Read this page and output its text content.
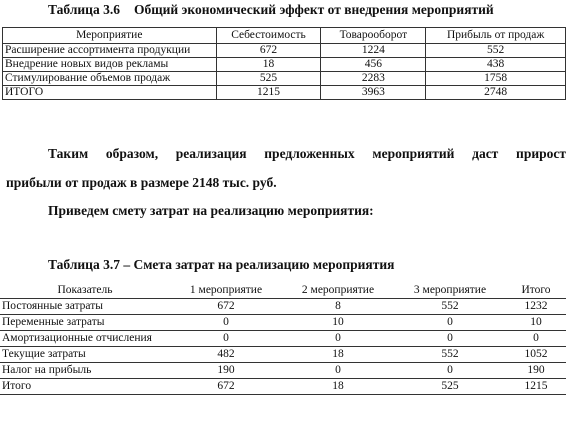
Таблица 3.6 Общий экономический эффект от внедрения мероприятий
Мероприятие	Себестоимость	Товарооборот	Прибыль от продаж
Расширение ассортимента продукции	672	1224	552
Внедрение новых видов рекламы	18	456	438
Стимулирование объемов продаж	525	2283	1758
ИТОГО	1215	3963	2748
Таким образом, реализация предложенных мероприятий даст прирост
прибыли от продаж в размере 2148 тыс. руб.
Приведем смету затрат на реализацию мероприятия:
Таблица 3.7 – Смета затрат на реализацию мероприятия
Показатель	1 мероприятие	2 мероприятие	3 мероприятие	Итого
Постоянные затраты	672	8	552	1232
Переменные затраты	0	10	0	10
Амортизационные отчисления	0	0	0	0
Текущие затраты	482	18	552	1052
Налог на прибыль	190	0	0	190
Итого	672	18	525	1215
